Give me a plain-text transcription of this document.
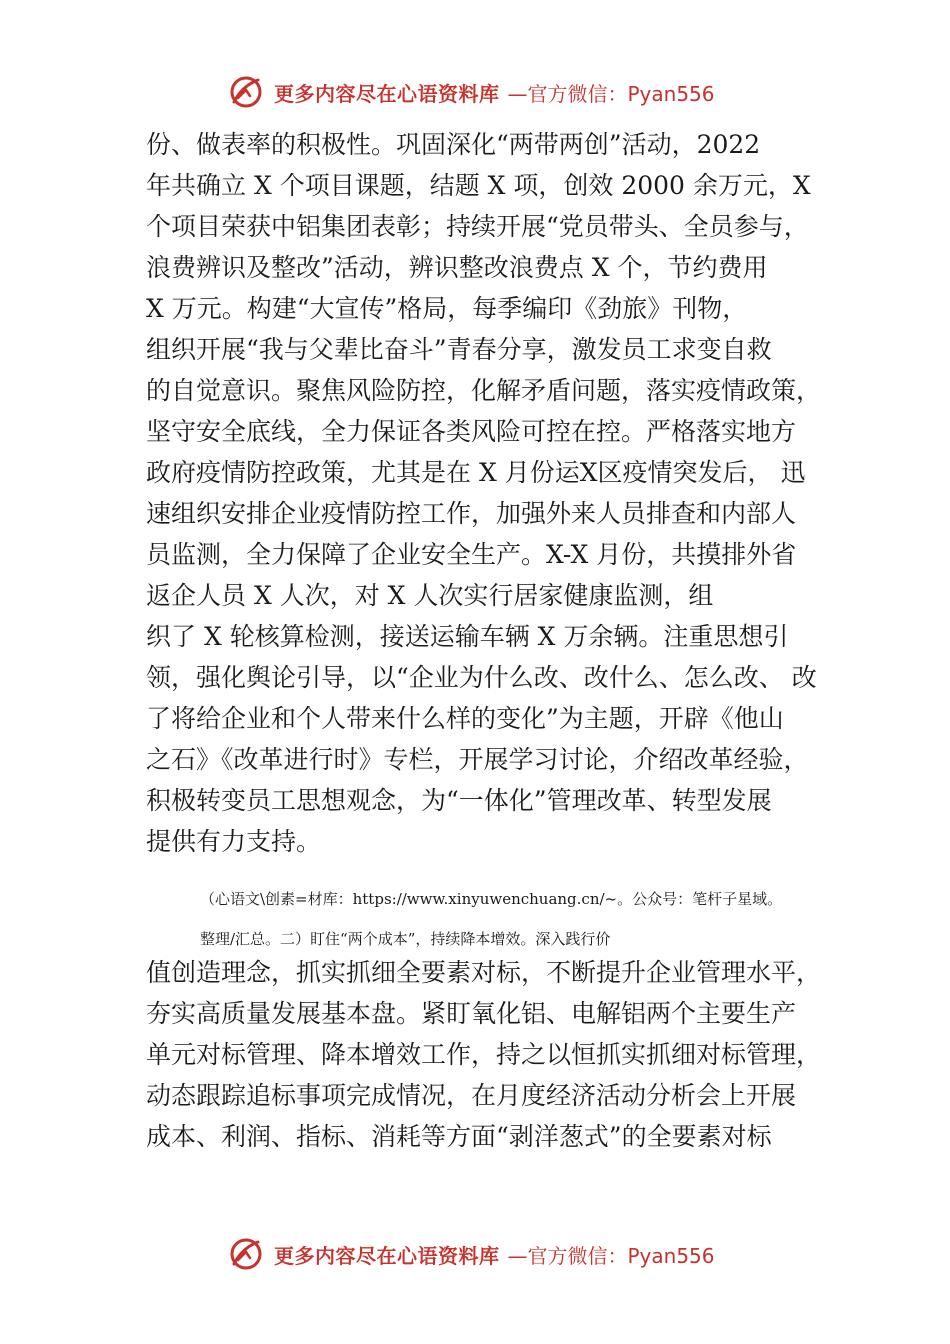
更多内容尽在心语资料库 —官方微信：Pyan556
份、做表率的积极性。巩固深化“两带两创”活动，2022
年共确立 X 个项目课题，结题 X 项，创效 2000 余万元，X
个项目荣获中铝集团表彰；持续开展“党员带头、全员参与，
浪费辨识及整改”活动，辨识整改浪费点 X 个，节约费用
X 万元。构建“大宣传”格局，每季编印《劲旅》刊物，
组织开展“我与父辈比奋斗”青春分享，激发员工求变自救
的自觉意识。聚焦风险防控，化解矛盾问题，落实疫情政策，
坚守安全底线，全力保证各类风险可控在控。严格落实地方
政府疫情防控政策，尤其是在 X 月份运X区疫情突发后， 迅
速组织安排企业疫情防控工作，加强外来人员排查和内部人
员监测，全力保障了企业安全生产。X-X 月份，共摸排外省
返企人员 X 人次，对 X 人次实行居家健康监测，组
织了 X 轮核算检测，接送运输车辆 X 万余辆。注重思想引
领，强化舆论引导，以“企业为什么改、改什么、怎么改、 改
了将给企业和个人带来什么样的变化”为主题，开辟《他山
之石》《改革进行时》专栏，开展学习讨论，介绍改革经验，
积极转变员工思想观念，为“一体化”管理改革、转型发展
提供有力支持。
（心语文\创素=材库：https://www.xinyuwenchuang.cn/~。公众号：笔杆子星域。
整理/汇总。二）盯住“两个成本”，持续降本增效。深入践行价
值创造理念，抓实抓细全要素对标，不断提升企业管理水平，
夯实高质量发展基本盘。紧盯氧化铝、电解铝两个主要生产
单元对标管理、降本增效工作，持之以恒抓实抓细对标管理，
动态跟踪追标事项完成情况，在月度经济活动分析会上开展
成本、利润、指标、消耗等方面“剥洋葱式”的全要素对标
更多内容尽在心语资料库 —官方微信：Pyan556
